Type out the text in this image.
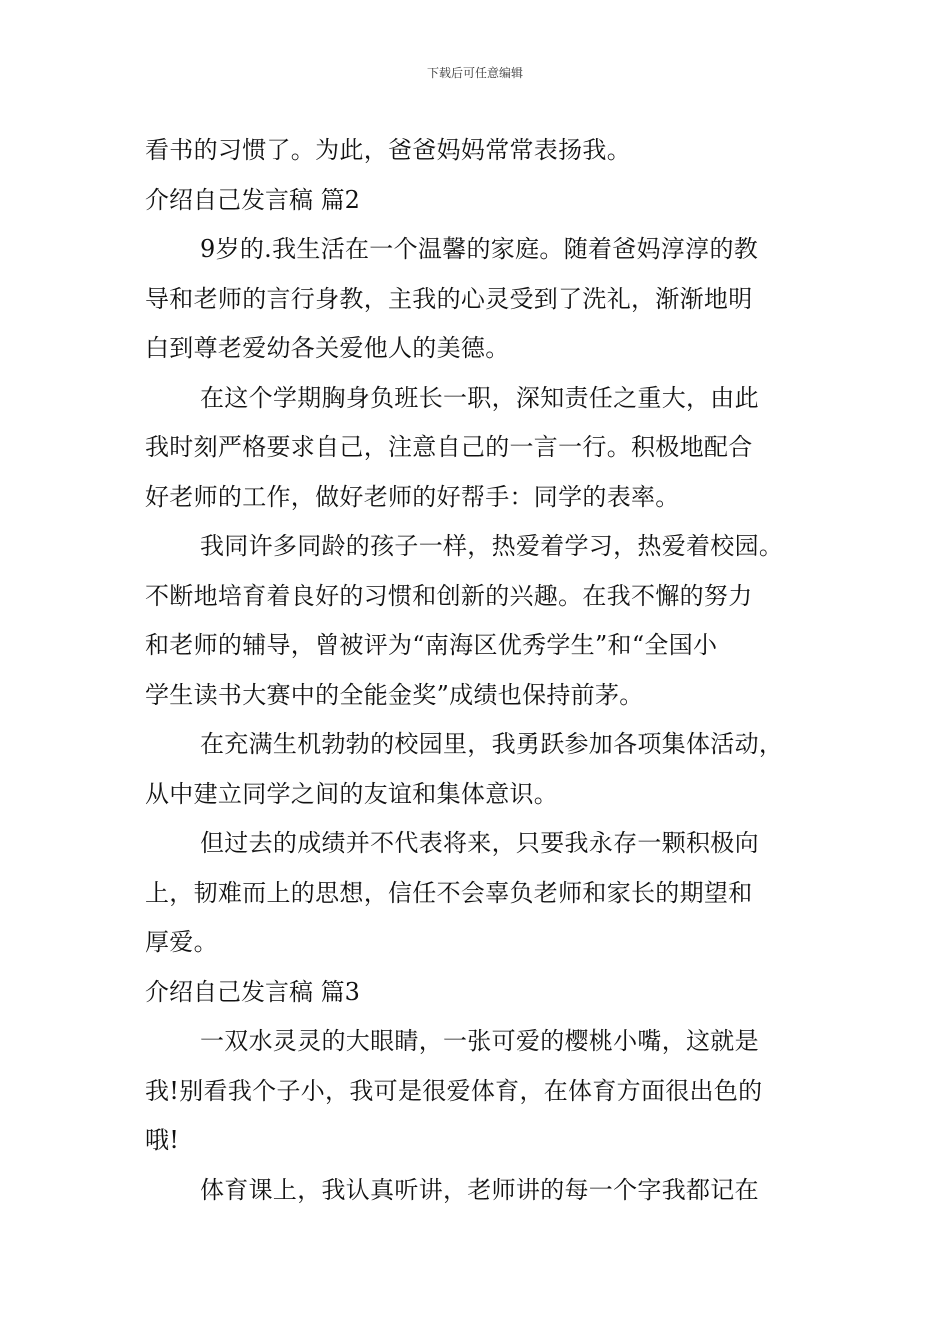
下载后可任意编辑
看书的习惯了。为此，爸爸妈妈常常表扬我。
介绍自己发言稿 篇2
9岁的.我生活在一个温馨的家庭。随着爸妈淳淳的教
导和老师的言行身教，主我的心灵受到了洗礼，渐渐地明
白到尊老爱幼各关爱他人的美德。
在这个学期胸身负班长一职，深知责任之重大，由此
我时刻严格要求自己，注意自己的一言一行。积极地配合
好老师的工作，做好老师的好帮手：同学的表率。
我同许多同龄的孩子一样，热爱着学习，热爱着校园。
不断地培育着良好的习惯和创新的兴趣。在我不懈的努力
和老师的辅导，曾被评为“南海区优秀学生”和“全国小
学生读书大赛中的全能金奖”成绩也保持前茅。
在充满生机勃勃的校园里，我勇跃参加各项集体活动，
从中建立同学之间的友谊和集体意识。
但过去的成绩并不代表将来，只要我永存一颗积极向
上，韧难而上的思想，信任不会辜负老师和家长的期望和
厚爱。
介绍自己发言稿 篇3
一双水灵灵的大眼睛，一张可爱的樱桃小嘴，这就是
我!别看我个子小，我可是很爱体育，在体育方面很出色的
哦!
体育课上，我认真听讲，老师讲的每一个字我都记在
